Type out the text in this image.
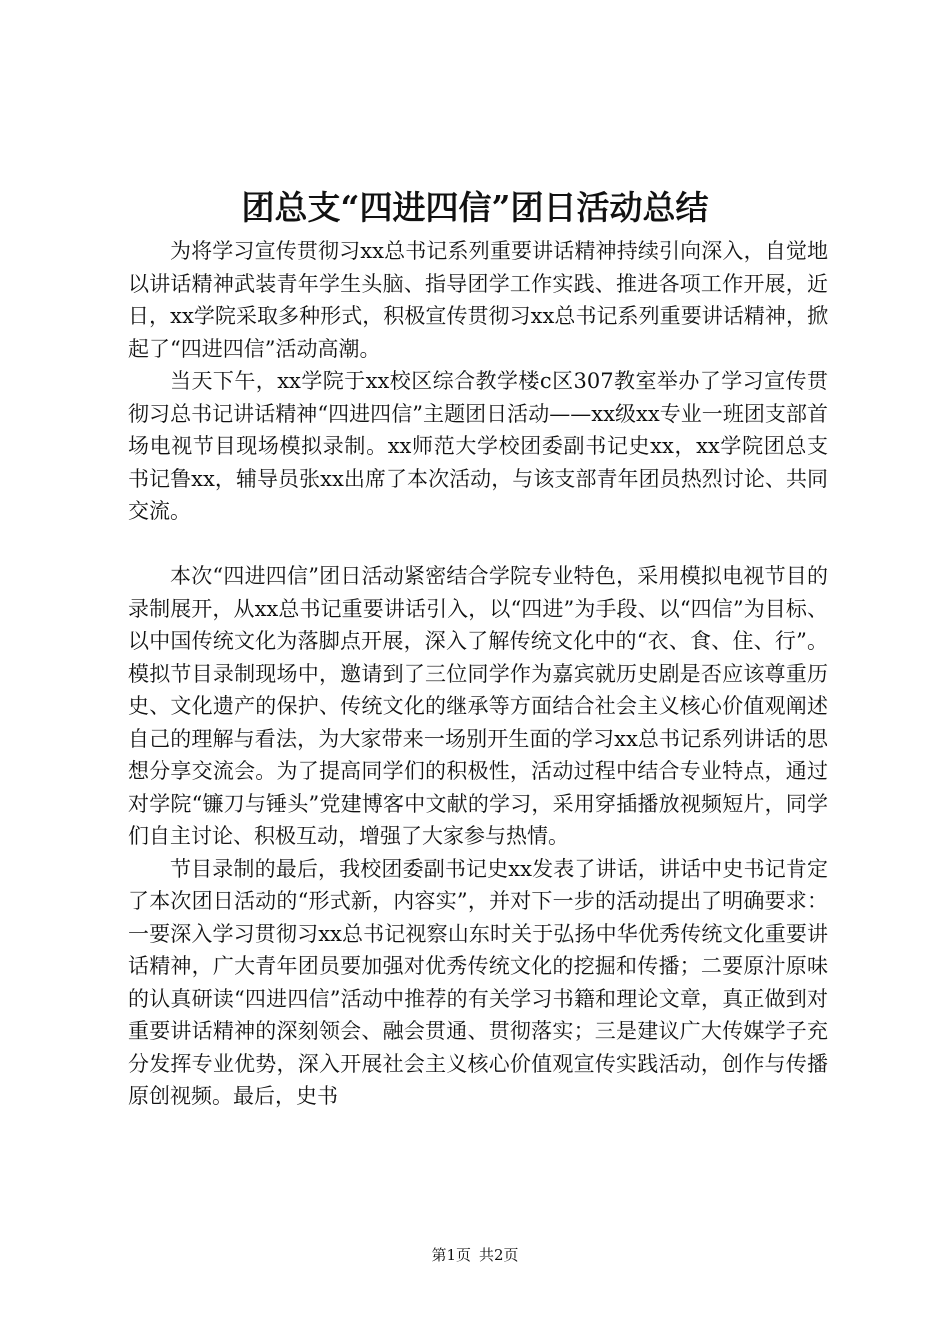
团总支“四进四信”团日活动总结

为将学习宣传贯彻习xx总书记系列重要讲话精神持续引向深入，自觉地以讲话精神武装青年学生头脑、指导团学工作实践、推进各项工作开展，近日，xx学院采取多种形式，积极宣传贯彻习xx总书记系列重要讲话精神，掀起了“四进四信”活动高潮。

当天下午，xx学院于xx校区综合教学楼c区307教室举办了学习宣传贯彻习总书记讲话精神“四进四信”主题团日活动——xx级xx专业一班团支部首场电视节目现场模拟录制。xx师范大学校团委副书记史xx，xx学院团总支书记鲁xx，辅导员张xx出席了本次活动，与该支部青年团员热烈讨论、共同交流。

本次“四进四信”团日活动紧密结合学院专业特色，采用模拟电视节目的录制展开，从xx总书记重要讲话引入，以“四进”为手段、以“四信”为目标、以中国传统文化为落脚点开展，深入了解传统文化中的“衣、食、住、行”。模拟节目录制现场中，邀请到了三位同学作为嘉宾就历史剧是否应该尊重历史、文化遗产的保护、传统文化的继承等方面结合社会主义核心价值观阐述自己的理解与看法，为大家带来一场别开生面的学习xx总书记系列讲话的思想分享交流会。为了提高同学们的积极性，活动过程中结合专业特点，通过对学院“镰刀与锤头”党建博客中文献的学习，采用穿插播放视频短片，同学们自主讨论、积极互动，增强了大家参与热情。

节目录制的最后，我校团委副书记史xx发表了讲话，讲话中史书记肯定了本次团日活动的“形式新，内容实”，并对下一步的活动提出了明确要求：一要深入学习贯彻习xx总书记视察山东时关于弘扬中华优秀传统文化重要讲话精神，广大青年团员要加强对优秀传统文化的挖掘和传播；二要原汁原味的认真研读“四进四信”活动中推荐的有关学习书籍和理论文章，真正做到对重要讲话精神的深刻领会、融会贯通、贯彻落实；三是建议广大传媒学子充分发挥专业优势，深入开展社会主义核心价值观宣传实践活动，创作与传播原创视频。最后，史书

第1页 共2页
